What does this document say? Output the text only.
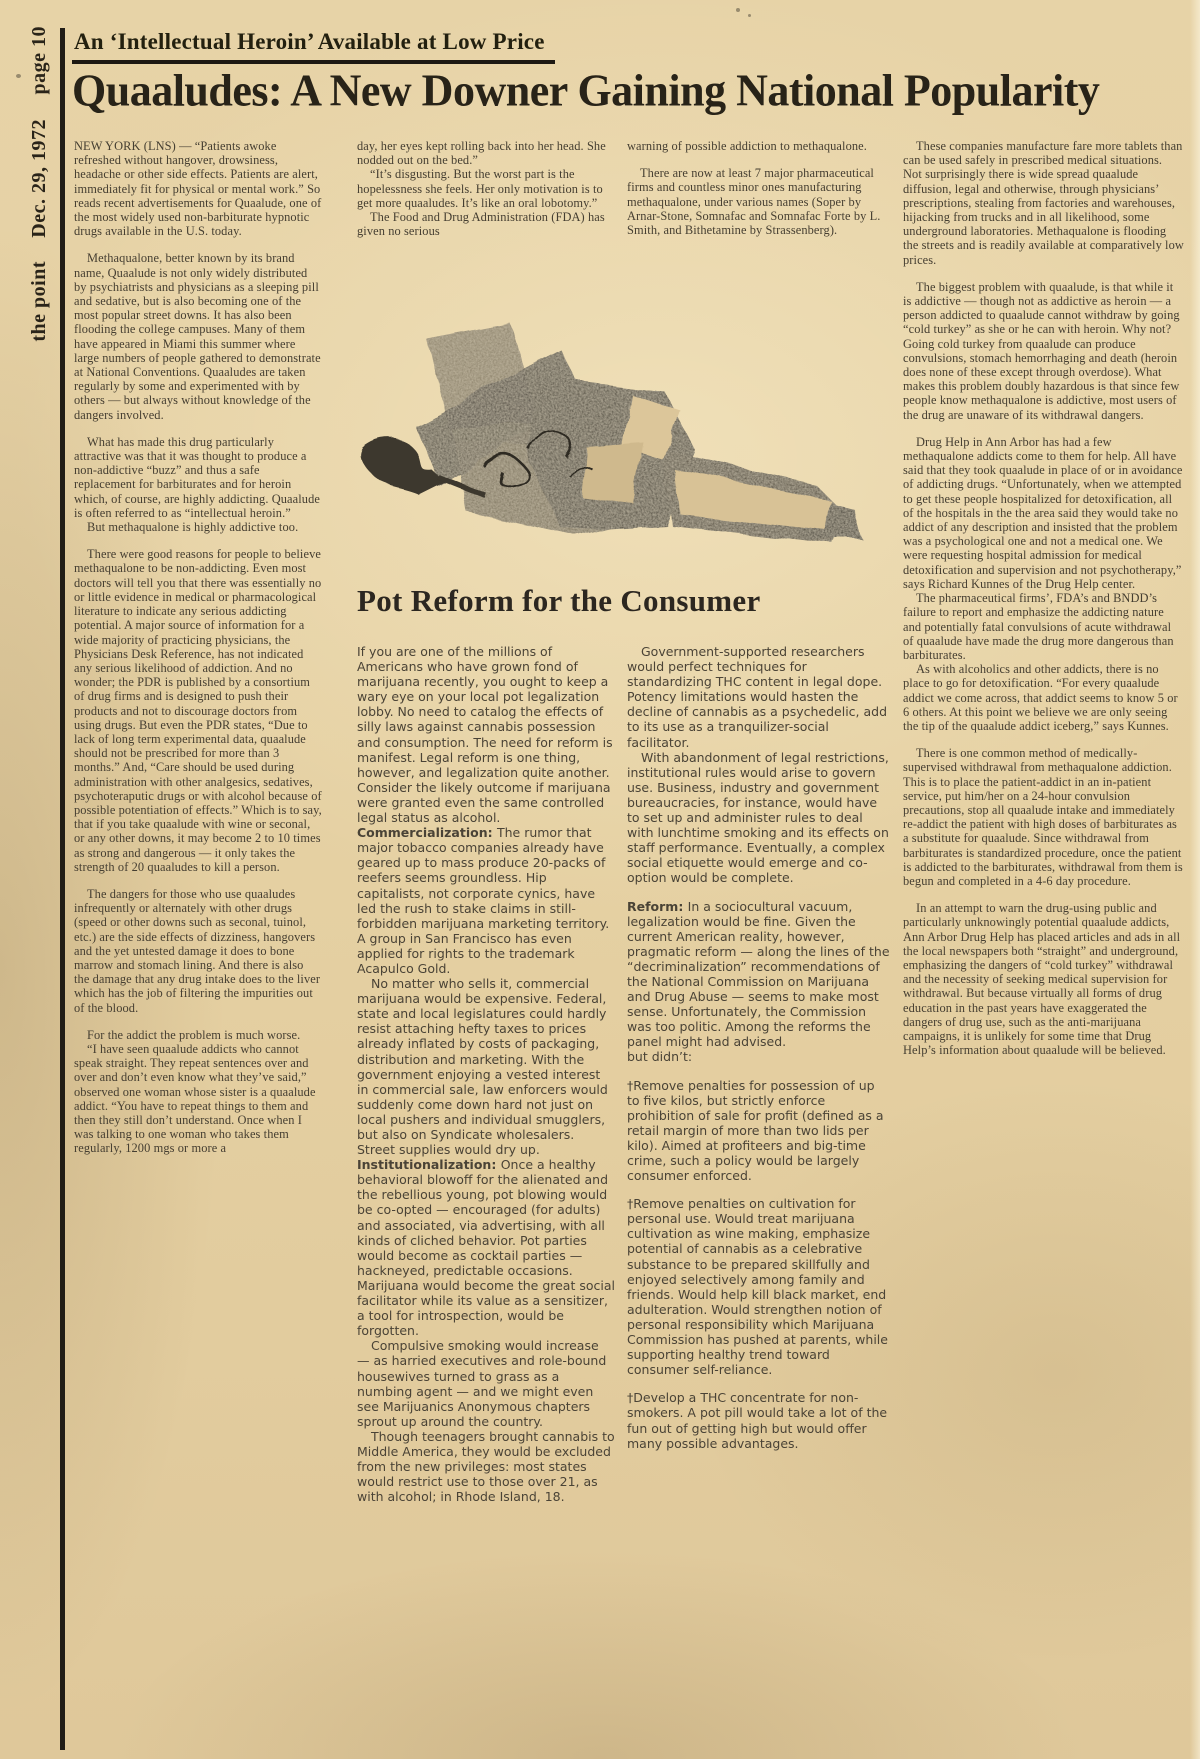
page 10
Dec. 29, 1972
the point
An ‘Intellectual Heroin’ Available at Low Price
Quaaludes: A New Downer Gaining National Popularity

NEW YORK (LNS) — “Patients awoke refreshed without hangover, drowsiness, headache or other side effects. Patients are alert, immediately fit for physical or mental work.” So reads recent advertisements for Quaalude, one of the most widely used non-barbiturate hypnotic drugs available in the U.S. today.

Methaqualone, better known by its brand name, Quaalude is not only widely distributed by psychiatrists and physicians as a sleeping pill and sedative, but is also becoming one of the most popular street downs. It has also been flooding the college campuses. Many of them have appeared in Miami this summer where large numbers of people gathered to demonstrate at National Conventions. Quaaludes are taken regularly by some and experimented with by others — but always without knowledge of the dangers involved.

What has made this drug particularly attractive was that it was thought to produce a non-addictive “buzz” and thus a safe replacement for barbiturates and for heroin which, of course, are highly addicting. Quaalude is often referred to as “intellectual heroin.”

But methaqualone is highly addictive too.

There were good reasons for people to believe methaqualone to be non-addicting. Even most doctors will tell you that there was essentially no or little evidence in medical or pharmacological literature to indicate any serious addicting potential. A major source of information for a wide majority of practicing physicians, the Physicians Desk Reference, has not indicated any serious likelihood of addiction. And no wonder; the PDR is published by a consortium of drug firms and is designed to push their products and not to discourage doctors from using drugs. But even the PDR states, “Due to lack of long term experimental data, quaalude should not be prescribed for more than 3 months.” And, “Care should be used during administration with other analgesics, sedatives, psychoteraputic drugs or with alcohol because of possible potentiation of effects.” Which is to say, that if you take quaalude with wine or seconal, or any other downs, it may become 2 to 10 times as strong and dangerous — it only takes the strength of 20 quaaludes to kill a person.

The dangers for those who use quaaludes infrequently or alternately with other drugs (speed or other downs such as seconal, tuinol, etc.) are the side effects of dizziness, hangovers and the yet untested damage it does to bone marrow and stomach lining. And there is also the damage that any drug intake does to the liver which has the job of filtering the impurities out of the blood.

For the addict the problem is much worse.

“I have seen quaalude addicts who cannot speak straight. They repeat sentences over and over and don’t even know what they’ve said,” observed one woman whose sister is a quaalude addict. “You have to repeat things to them and then they still don’t understand. Once when I was talking to one woman who takes them regularly, 1200 mgs or more a

day, her eyes kept rolling back into her head. She nodded out on the bed.”

“It’s disgusting. But the worst part is the hopelessness she feels. Her only motivation is to get more quaaludes. It’s like an oral lobotomy.”

The Food and Drug Administration (FDA) has given no serious

warning of possible addiction to methaqualone.

There are now at least 7 major pharmaceutical firms and countless minor ones manufacturing methaqualone, under various names (Soper by Arnar-Stone, Somnafac and Somnafac Forte by L. Smith, and Bithetamine by Strassenberg).

These companies manufacture fare more tablets than can be used safely in prescribed medical situations. Not surprisingly there is wide spread quaalude diffusion, legal and otherwise, through physicians’ prescriptions, stealing from factories and warehouses, hijacking from trucks and in all likelihood, some underground laboratories. Methaqualone is flooding the streets and is readily available at comparatively low prices.

The biggest problem with quaalude, is that while it is addictive — though not as addictive as heroin — a person addicted to quaalude cannot withdraw by going “cold turkey” as she or he can with heroin. Why not? Going cold turkey from quaalude can produce convulsions, stomach hemorrhaging and death (heroin does none of these except through overdose). What makes this problem doubly hazardous is that since few people know methaqualone is addictive, most users of the drug are unaware of its withdrawal dangers.

Drug Help in Ann Arbor has had a few methaqualone addicts come to them for help. All have said that they took quaalude in place of or in avoidance of addicting drugs. “Unfortunately, when we attempted to get these people hospitalized for detoxification, all of the hospitals in the the area said they would take no addict of any description and insisted that the problem was a psychological one and not a medical one. We were requesting hospital admission for medical detoxification and supervision and not psychotherapy,” says Richard Kunnes of the Drug Help center.

The pharmaceutical firms’, FDA’s and BNDD’s failure to report and emphasize the addicting nature and potentially fatal convulsions of acute withdrawal of quaalude have made the drug more dangerous than barbiturates.

As with alcoholics and other addicts, there is no place to go for detoxification. “For every quaalude addict we come across, that addict seems to know 5 or 6 others. At this point we believe we are only seeing the tip of the quaalude addict iceberg,” says Kunnes.

There is one common method of medically-supervised withdrawal from methaqualone addiction. This is to place the patient-addict in an in-patient service, put him/her on a 24-hour convulsion precautions, stop all quaalude intake and immediately re-addict the patient with high doses of barbiturates as a substitute for quaalude. Since withdrawal from barbiturates is standardized procedure, once the patient is addicted to the barbiturates, withdrawal from them is begun and completed in a 4-6 day procedure.

In an attempt to warn the drug-using public and particularly unknowingly potential quaalude addicts, Ann Arbor Drug Help has placed articles and ads in all the local newspapers both “straight” and underground, emphasizing the dangers of “cold turkey” withdrawal and the necessity of seeking medical supervision for withdrawal. But because virtually all forms of drug education in the past years have exaggerated the dangers of drug use, such as the anti-marijuana campaigns, it is unlikely for some time that Drug Help’s information about quaalude will be believed.

Pot Reform for the Consumer

If you are one of the millions of Americans who have grown fond of marijuana recently, you ought to keep a wary eye on your local pot legalization lobby. No need to catalog the effects of silly laws against cannabis possession and consumption. The need for reform is manifest. Legal reform is one thing, however, and legalization quite another. Consider the likely outcome if marijuana were granted even the same controlled legal status as alcohol.

Commercialization: The rumor that major tobacco companies already have geared up to mass produce 20-packs of reefers seems groundless. Hip capitalists, not corporate cynics, have led the rush to stake claims in still-forbidden marijuana marketing territory. A group in San Francisco has even applied for rights to the trademark Acapulco Gold.

No matter who sells it, commercial marijuana would be expensive. Federal, state and local legislatures could hardly resist attaching hefty taxes to prices already inflated by costs of packaging, distribution and marketing. With the government enjoying a vested interest in commercial sale, law enforcers would suddenly come down hard not just on local pushers and individual smugglers, but also on Syndicate wholesalers. Street supplies would dry up.

Institutionalization: Once a healthy behavioral blowoff for the alienated and the rebellious young, pot blowing would be co-opted — encouraged (for adults) and associated, via advertising, with all kinds of cliched behavior. Pot parties would become as cocktail parties — hackneyed, predictable occasions. Marijuana would become the great social facilitator while its value as a sensitizer, a tool for introspection, would be forgotten.

Compulsive smoking would increase — as harried executives and role-bound housewives turned to grass as a numbing agent — and we might even see Marijuanics Anonymous chapters sprout up around the country.

Though teenagers brought cannabis to Middle America, they would be excluded from the new privileges: most states would restrict use to those over 21, as with alcohol; in Rhode Island, 18.

Government-supported researchers would perfect techniques for standardizing THC content in legal dope. Potency limitations would hasten the decline of cannabis as a psychedelic, add to its use as a tranquilizer-social facilitator.

With abandonment of legal restrictions, institutional rules would arise to govern use. Business, industry and government bureaucracies, for instance, would have to set up and administer rules to deal with lunchtime smoking and its effects on staff performance. Eventually, a complex social etiquette would emerge and co-option would be complete.

Reform: In a sociocultural vacuum, legalization would be fine. Given the current American reality, however, pragmatic reform — along the lines of the “decriminalization” recommendations of the National Commission on Marijuana and Drug Abuse — seems to make most sense. Unfortunately, the Commission was too politic. Among the reforms the panel might had advised.

but didn’t:

†Remove penalties for possession of up to five kilos, but strictly enforce prohibition of sale for profit (defined as a retail margin of more than two lids per kilo). Aimed at profiteers and big-time crime, such a policy would be largely consumer enforced.

†Remove penalties on cultivation for personal use. Would treat marijuana cultivation as wine making, emphasize potential of cannabis as a celebrative substance to be prepared skillfully and enjoyed selectively among family and friends. Would help kill black market, end adulteration. Would strengthen notion of personal responsibility which Marijuana Commission has pushed at parents, while supporting healthy trend toward consumer self-reliance.

†Develop a THC concentrate for non-smokers. A pot pill would take a lot of the fun out of getting high but would offer many possible advantages.
